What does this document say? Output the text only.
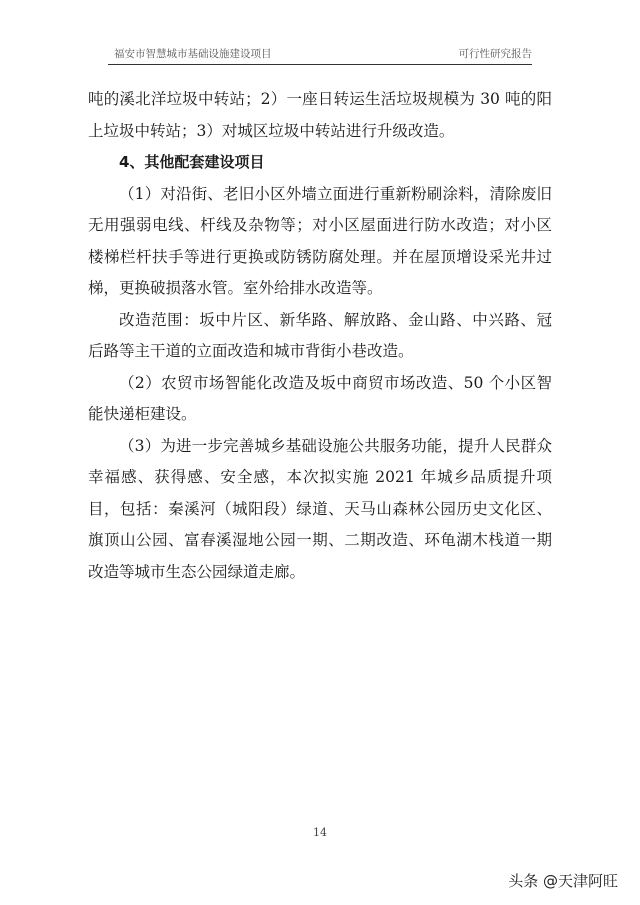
福安市智慧城市基础设施建设项目	可行性研究报告

吨的溪北洋垃圾中转站；2）一座日转运生活垃圾规模为 30 吨的阳上垃圾中转站；3）对城区垃圾中转站进行升级改造。

4、其他配套建设项目

（1）对沿街、老旧小区外墙立面进行重新粉刷涂料，清除废旧无用强弱电线、杆线及杂物等；对小区屋面进行防水改造；对小区楼梯栏杆扶手等进行更换或防锈防腐处理。并在屋顶增设采光井过梯，更换破损落水管。室外给排水改造等。

改造范围：坂中片区、新华路、解放路、金山路、中兴路、冠后路等主干道的立面改造和城市背街小巷改造。

（2）农贸市场智能化改造及坂中商贸市场改造、50 个小区智能快递柜建设。

（3）为进一步完善城乡基础设施公共服务功能，提升人民群众幸福感、获得感、安全感，本次拟实施 2021 年城乡品质提升项目，包括：秦溪河（城阳段）绿道、天马山森林公园历史文化区、旗顶山公园、富春溪湿地公园一期、二期改造、环龟湖木栈道一期改造等城市生态公园绿道走廊。

14
头条 @天津阿旺
